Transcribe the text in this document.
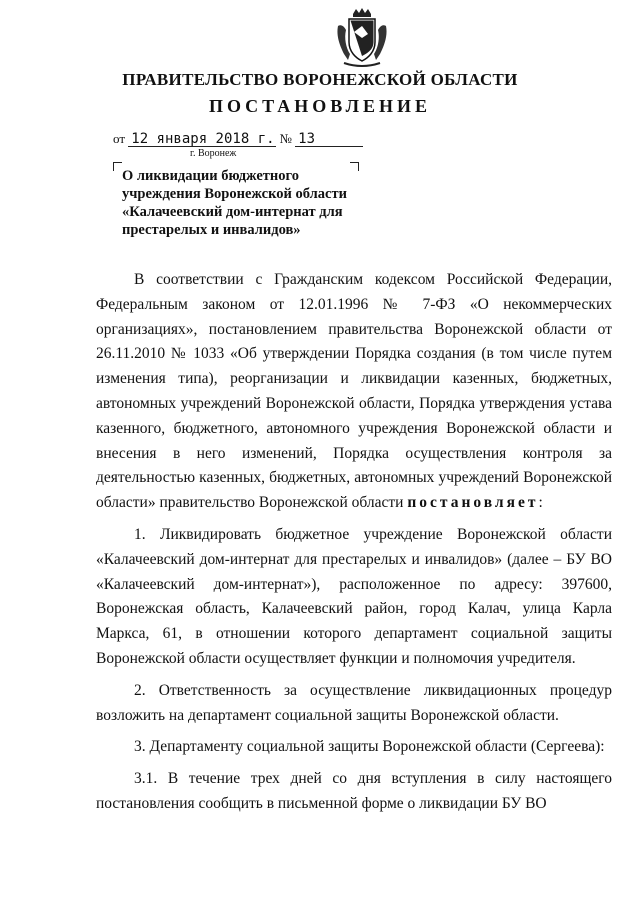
ПРАВИТЕЛЬСТВО ВОРОНЕЖСКОЙ ОБЛАСТИ
ПОСТАНОВЛЕНИЕ
от 12 января 2018 г. № 13
г. Воронеж
О ликвидации бюджетного учреждения Воронежской области «Калачеевский дом-интернат для престарелых и инвалидов»

В соответствии с Гражданским кодексом Российской Федерации, Федеральным законом от 12.01.1996 № 7-ФЗ «О некоммерческих организациях», постановлением правительства Воронежской области от 26.11.2010 № 1033 «Об утверждении Порядка создания (в том числе путем изменения типа), реорганизации и ликвидации казенных, бюджетных, автономных учреждений Воронежской области, Порядка утверждения устава казенного, бюджетного, автономного учреждения Воронежской области и внесения в него изменений, Порядка осуществления контроля за деятельностью казенных, бюджетных, автономных учреждений Воронежской области» правительство Воронежской области постановляет:

1. Ликвидировать бюджетное учреждение Воронежской области «Калачеевский дом-интернат для престарелых и инвалидов» (далее – БУ ВО «Калачеевский дом-интернат»), расположенное по адресу: 397600, Воронежская область, Калачеевский район, город Калач, улица Карла Маркса, 61, в отношении которого департамент социальной защиты Воронежской области осуществляет функции и полномочия учредителя.

2. Ответственность за осуществление ликвидационных процедур возложить на департамент социальной защиты Воронежской области.

3. Департаменту социальной защиты Воронежской области (Сергеева):

3.1. В течение трех дней со дня вступления в силу настоящего постановления сообщить в письменной форме о ликвидации БУ ВО
